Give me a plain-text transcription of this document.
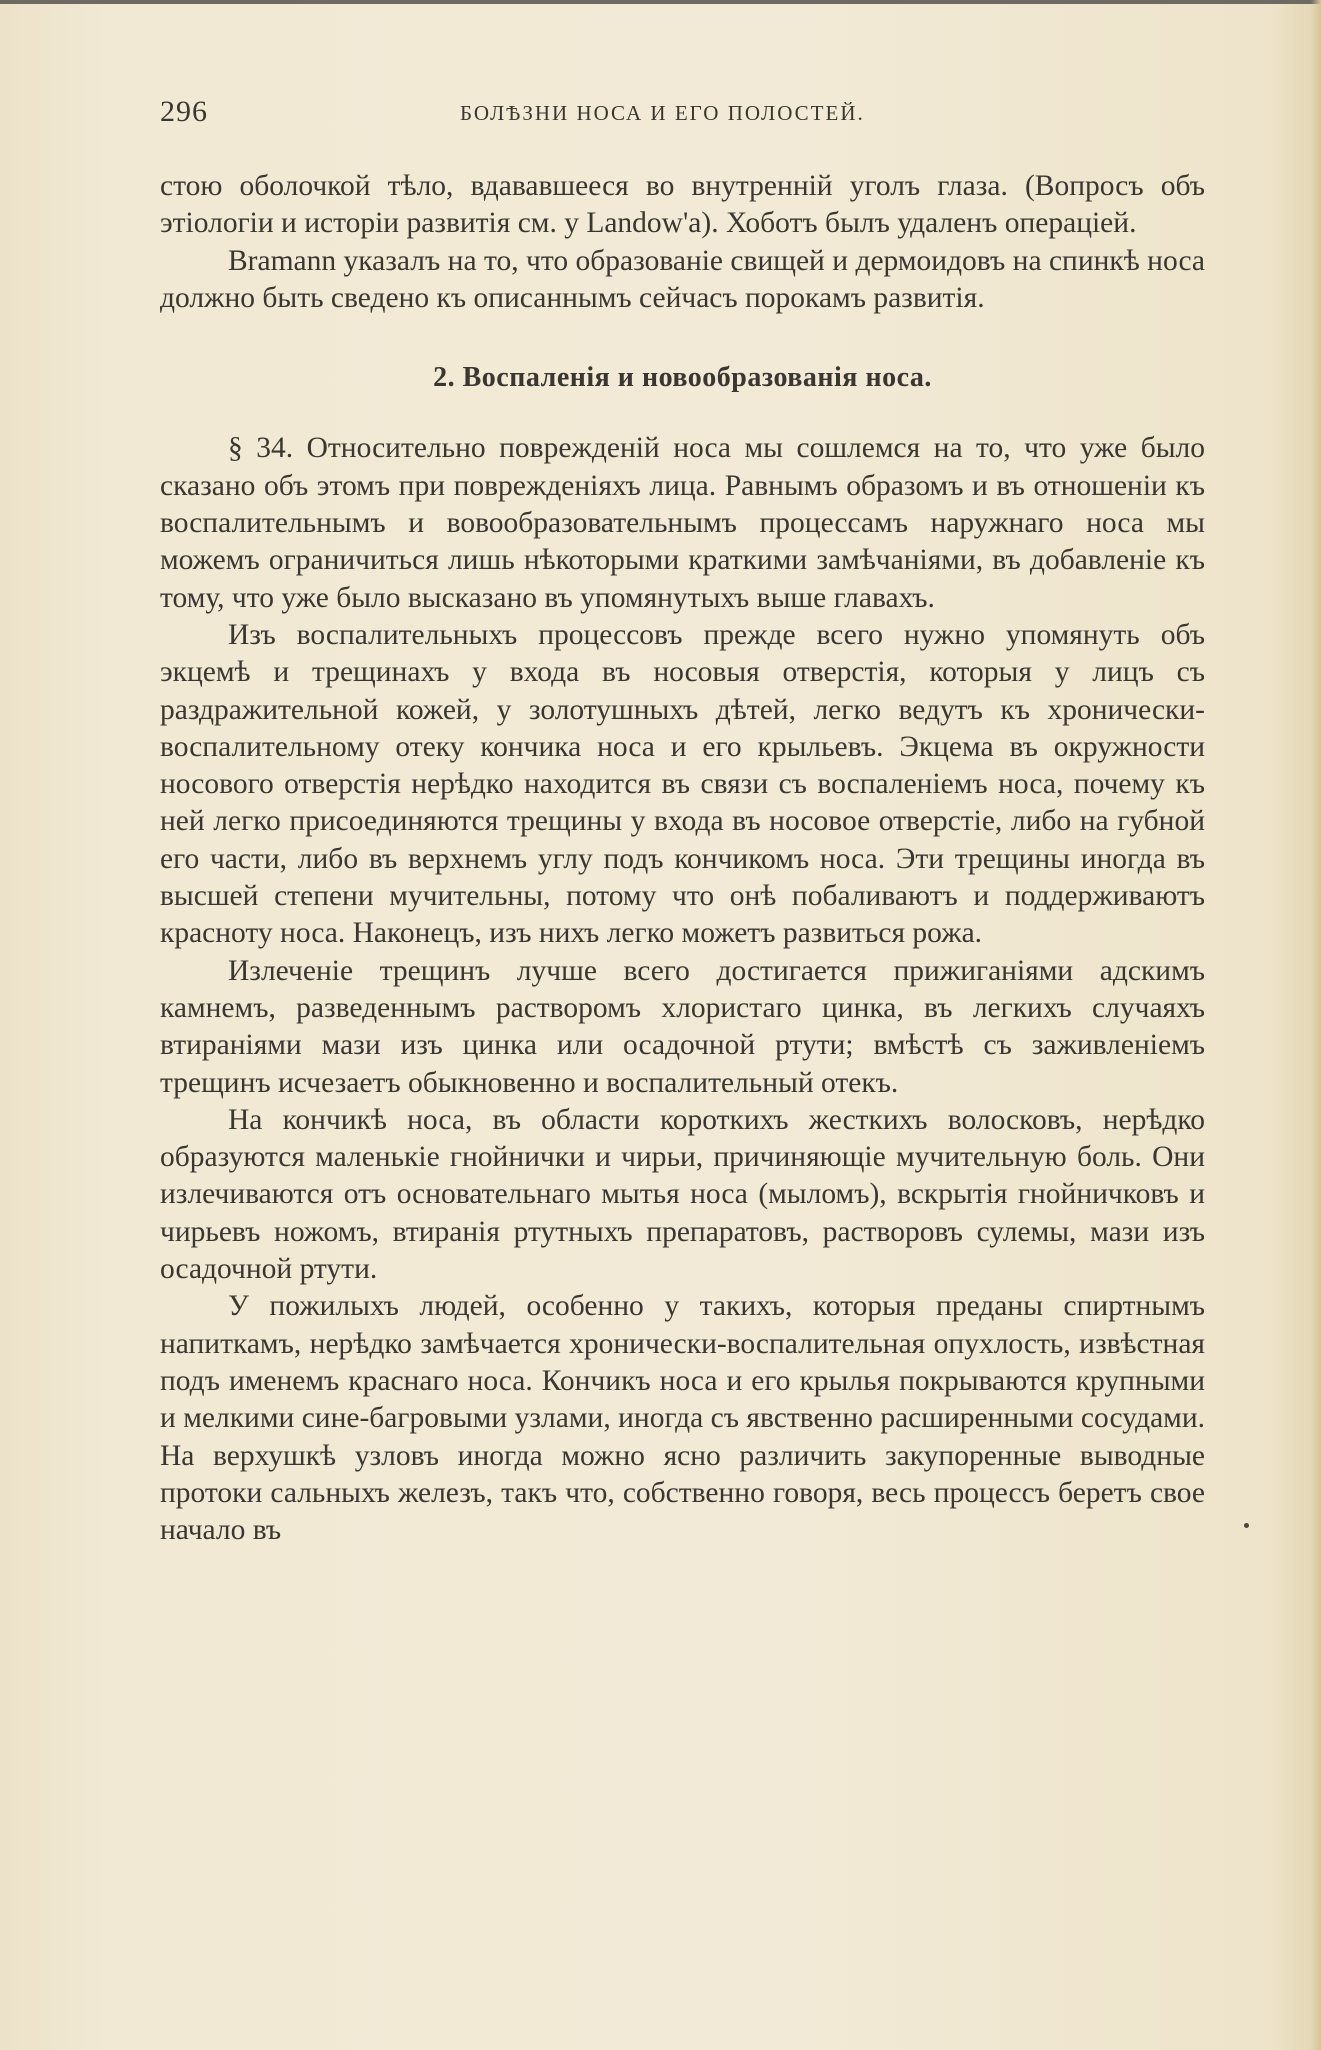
296	БОЛѢЗНИ НОСА И ЕГО ПОЛОСТЕЙ.

стою оболочкой тѣло, вдававшееся во внутренній уголъ глаза. (Вопросъ объ этіологіи и исторіи развитія см. у Landow'а). Хоботъ былъ удаленъ операціей.

Bramann указалъ на то, что образованіе свищей и дермоидовъ на спинкѣ носа должно быть сведено къ описаннымъ сейчасъ порокамъ развитія.

2. Воспаленія и новообразованія носа.

§ 34. Относительно поврежденій носа мы сошлемся на то, что уже было сказано объ этомъ при поврежденіяхъ лица. Равнымъ образомъ и въ отношеніи къ воспалительнымъ и вовообразовательнымъ процессамъ наружнаго носа мы можемъ ограничиться лишь нѣкоторыми краткими замѣчаніями, въ добавленіе къ тому, что уже было высказано въ упомянутыхъ выше главахъ.

Изъ воспалительныхъ процессовъ прежде всего нужно упомянуть объ экцемѣ и трещинахъ у входа въ носовыя отверстія, которыя у лицъ съ раздражительной кожей, у золотушныхъ дѣтей, легко ведутъ къ хронически-воспалительному отеку кончика носа и его крыльевъ. Экцема въ окружности носового отверстія нерѣдко находится въ связи съ воспаленіемъ носа, почему къ ней легко присоединяются трещины у входа въ носовое отверстіе, либо на губной его части, либо въ верхнемъ углу подъ кончикомъ носа. Эти трещины иногда въ высшей степени мучительны, потому что онѣ побаливаютъ и поддерживаютъ красноту носа. Наконецъ, изъ нихъ легко можетъ развиться рожа.

Излеченіе трещинъ лучше всего достигается прижиганіями адскимъ камнемъ, разведеннымъ растворомъ хлористаго цинка, въ легкихъ случаяхъ втираніями мази изъ цинка или осадочной ртути; вмѣстѣ съ заживленіемъ трещинъ исчезаетъ обыкновенно и воспалительный отекъ.

На кончикѣ носа, въ области короткихъ жесткихъ волосковъ, нерѣдко образуются маленькіе гнойнички и чирьи, причиняющіе мучительную боль. Они излечиваются отъ основательнаго мытья носа (мыломъ), вскрытія гнойничковъ и чирьевъ ножомъ, втиранія ртутныхъ препаратовъ, растворовъ сулемы, мази изъ осадочной ртути.

У пожилыхъ людей, особенно у такихъ, которыя преданы спиртнымъ напиткамъ, нерѣдко замѣчается хронически-воспалительная опухлость, извѣстная подъ именемъ краснаго носа. Кончикъ носа и его крылья покрываются крупными и мелкими сине-багровыми узлами, иногда съ явственно расширенными сосудами. На верхушкѣ узловъ иногда можно ясно различить закупоренные выводные протоки сальныхъ железъ, такъ что, собственно говоря, весь процессъ беретъ свое начало въ
